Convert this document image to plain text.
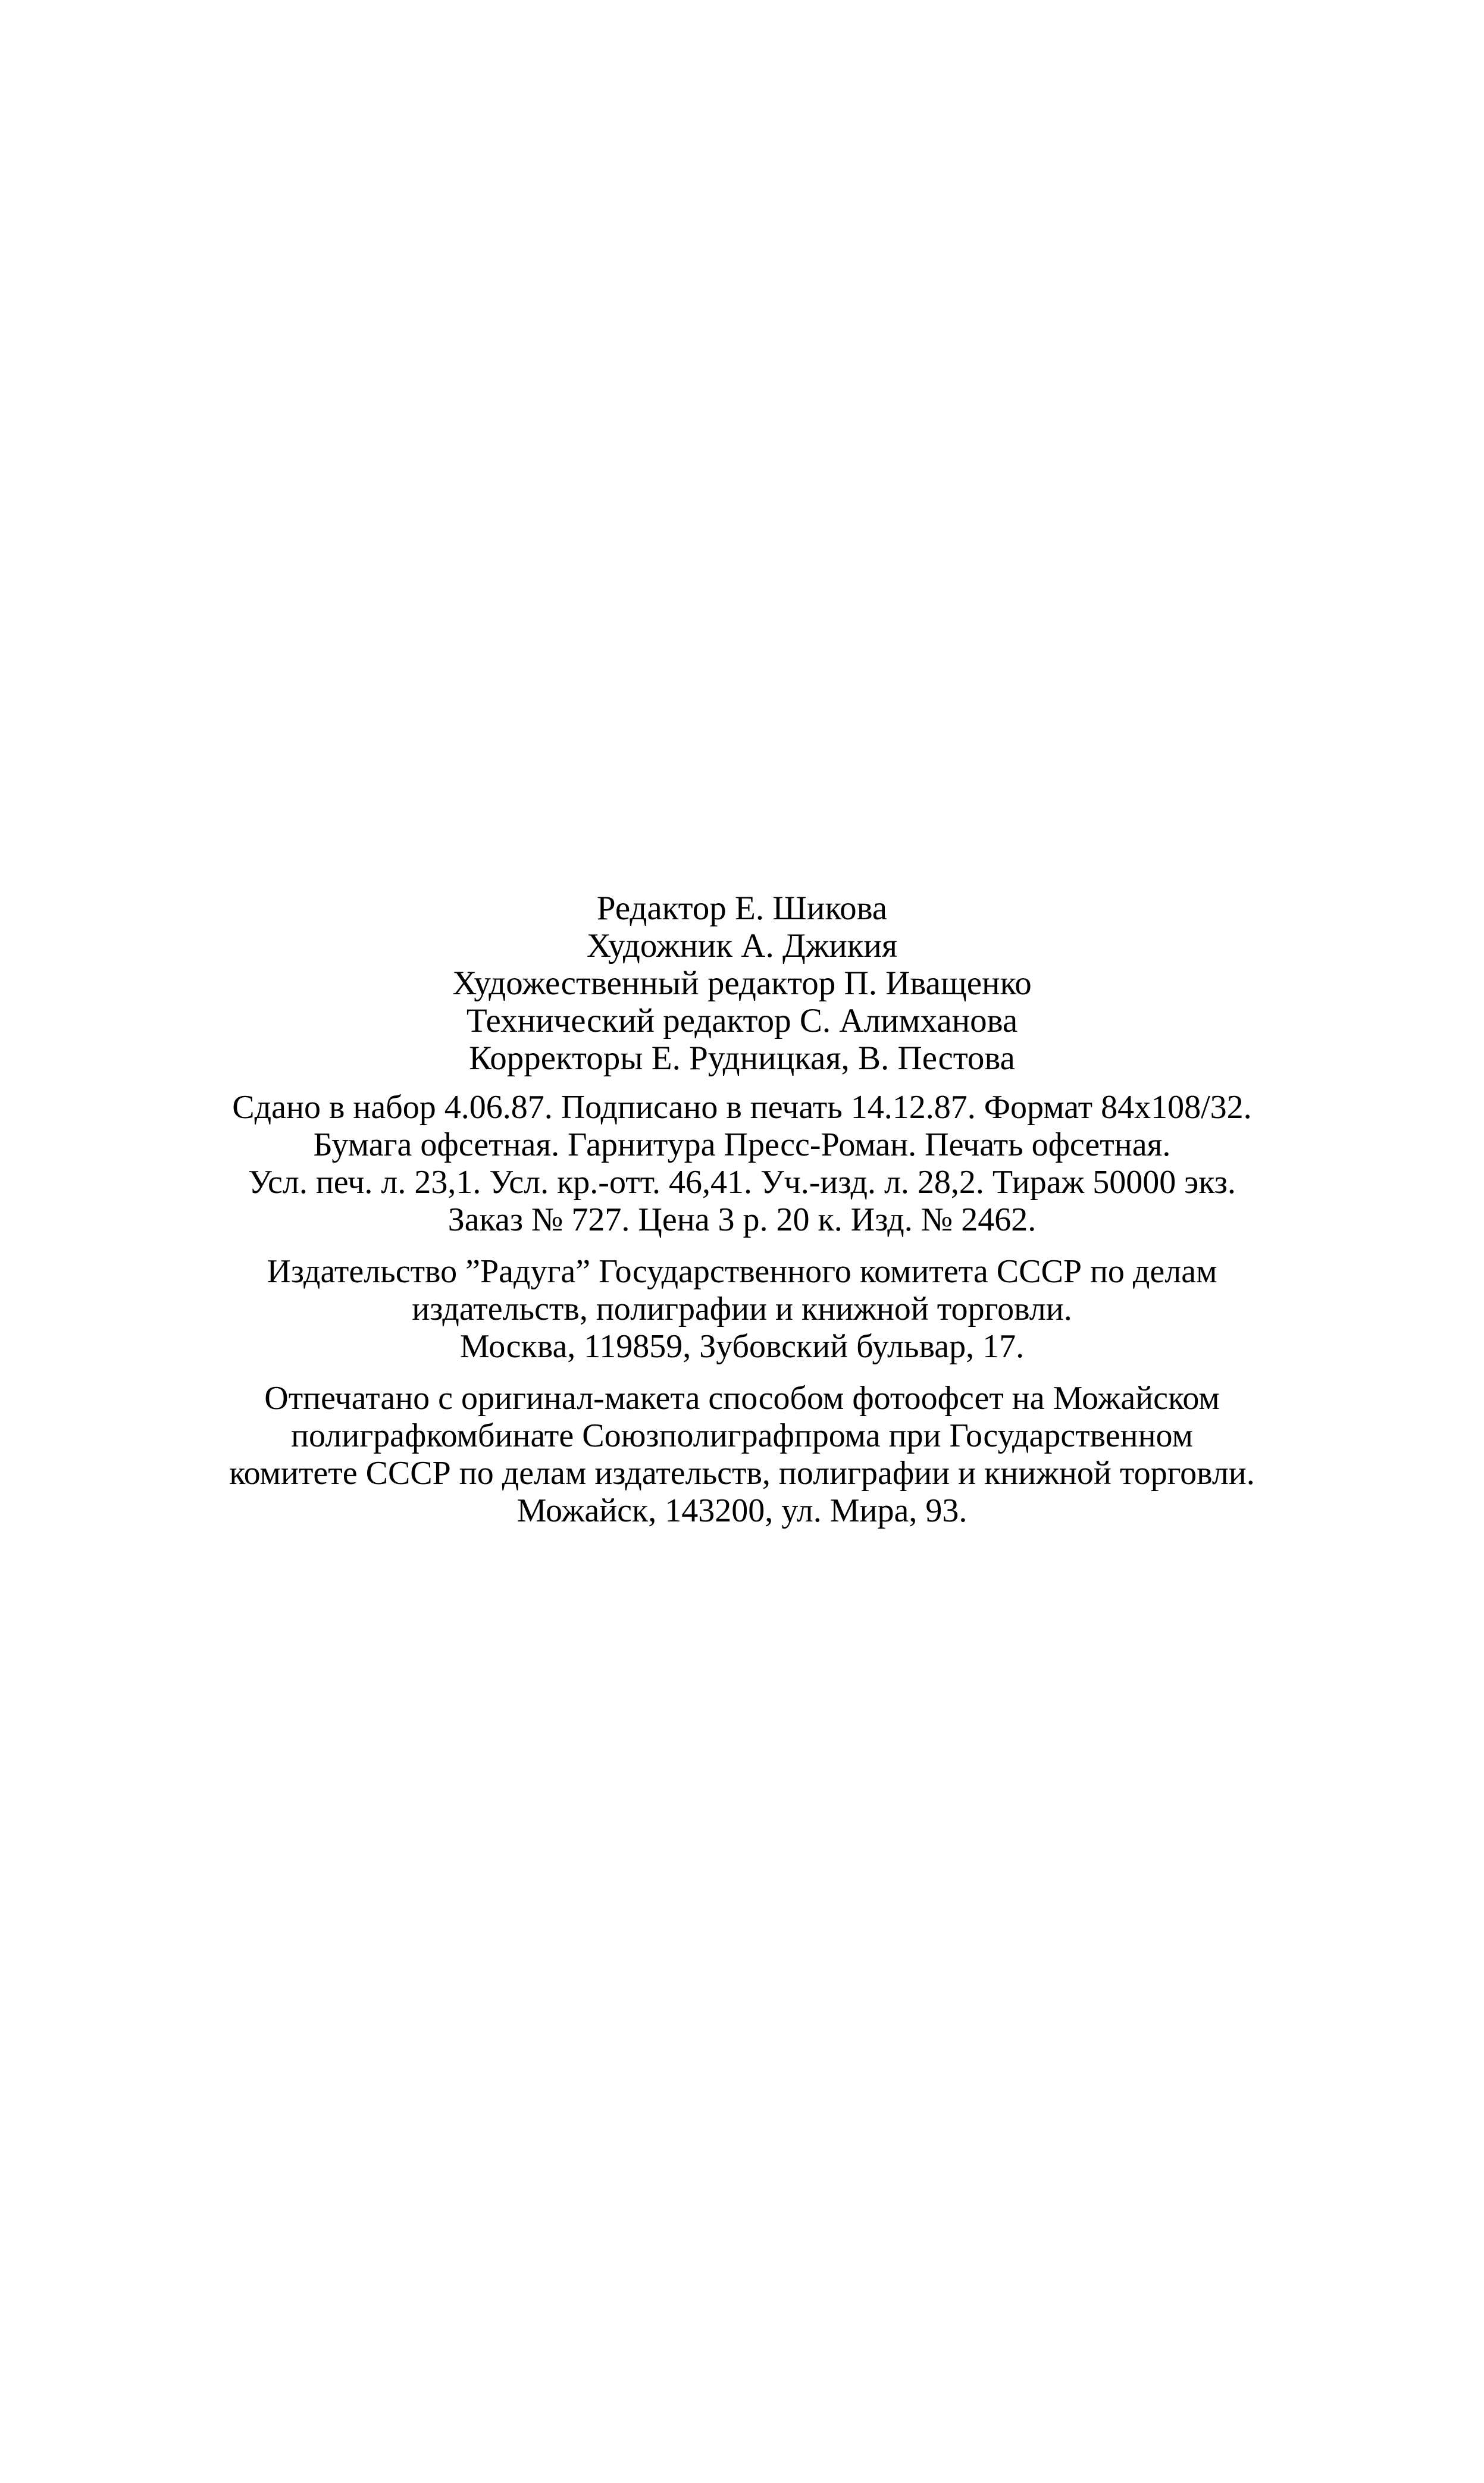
Редактор Е. Шикова
Художник А. Джикия
Художественный редактор П. Иващенко
Технический редактор С. Алимханова
Корректоры Е. Рудницкая, В. Пестова
Сдано в набор 4.06.87. Подписано в печать 14.12.87. Формат 84x108/32.
Бумага офсетная. Гарнитура Пресс-Роман. Печать офсетная.
Усл. печ. л. 23,1. Усл. кр.-отт. 46,41. Уч.-изд. л. 28,2. Тираж 50000 экз.
Заказ № 727. Цена 3 р. 20 к. Изд. № 2462.
Издательство ”Радуга” Государственного комитета СССР по делам
издательств, полиграфии и книжной торговли.
Москва, 119859, Зубовский бульвар, 17.
Отпечатано с оригинал-макета способом фотоофсет на Можайском
полиграфкомбинате Союзполиграфпрома при Государственном
комитете СССР по делам издательств, полиграфии и книжной торговли.
Можайск, 143200, ул. Мира, 93.
